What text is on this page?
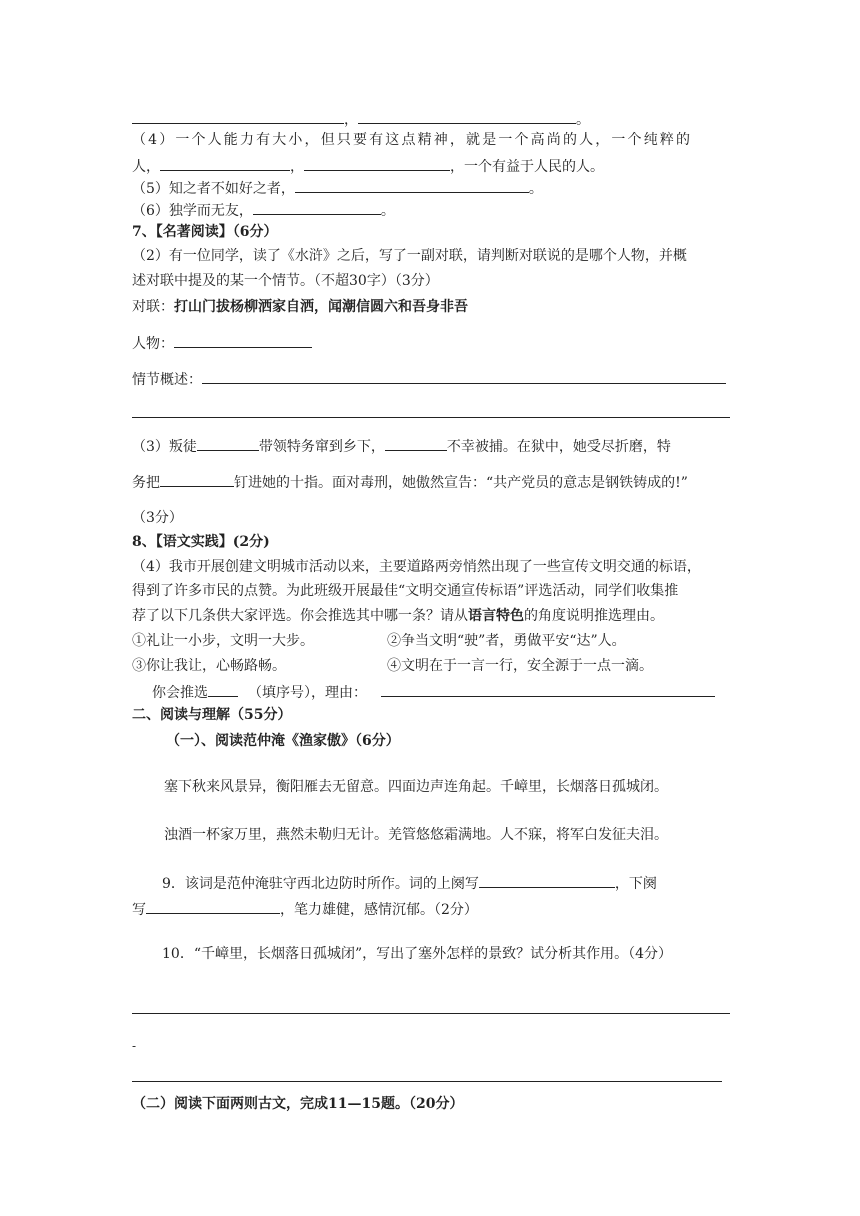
，	。
（4）一个人能力有大小，但只要有这点精神，就是一个高尚的人，一个纯粹的
人，	，	，一个有益于人民的人。
（5）知之者不如好之者，	。
（6）独学而无友，	。
7、【名著阅读】（6分）
（2）有一位同学，读了《水浒》之后，写了一副对联，请判断对联说的是哪个人物，并概
述对联中提及的某一个情节。（不超30字）（3分）
对联：打山门拔杨柳洒家自洒，闻潮信圆六和吾身非吾
人物：
情节概述：
（3）叛徒	带领特务窜到乡下，	不幸被捕。在狱中，她受尽折磨，特
务把	钉进她的十指。面对毒刑，她傲然宣告：“共产党员的意志是钢铁铸成的!”
（3分）
8、【语文实践】(2分)
（4）我市开展创建文明城市活动以来，主要道路两旁悄然出现了一些宣传文明交通的标语，
得到了许多市民的点赞。为此班级开展最佳“文明交通宣传标语”评选活动，同学们收集推
荐了以下几条供大家评选。你会推选其中哪一条？请从语言特色的角度说明推选理由。
①礼让一小步，文明一大步。	②争当文明“驶”者，勇做平安“达”人。
③你让我让，心畅路畅。	④文明在于一言一行，安全源于一点一滴。
你会推选	（填序号），理由：
二、阅读与理解（55分）
（一）、阅读范仲淹《渔家傲》（6分）
塞下秋来风景异，衡阳雁去无留意。四面边声连角起。千嶂里，长烟落日孤城闭。
浊酒一杯家万里，燕然未勒归无计。羌管悠悠霜满地。人不寐，将军白发征夫泪。
9．该词是范仲淹驻守西北边防时所作。词的上阕写	，下阕
写	，笔力雄健，感情沉郁。（2分）
10．“千嶂里，长烟落日孤城闭”，写出了塞外怎样的景致？试分析其作用。（4分）
-
（二）阅读下面两则古文，完成11—15题。（20分）
